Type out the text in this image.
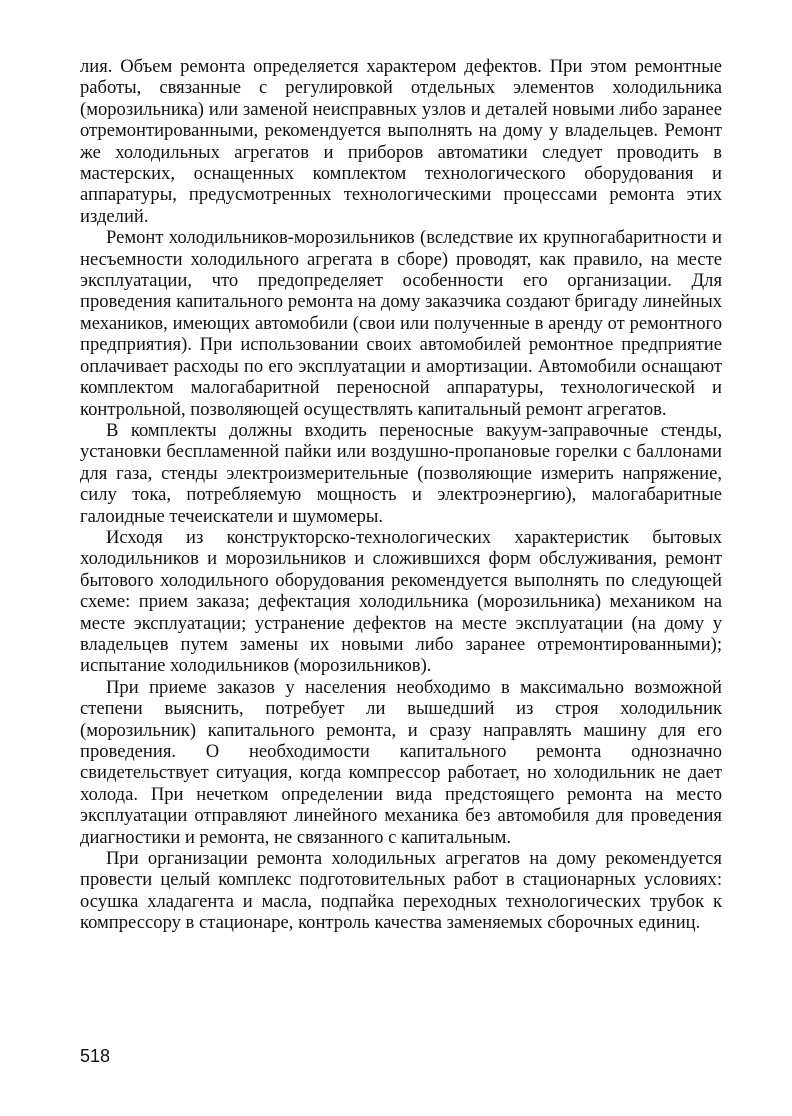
лия. Объем ремонта определяется характером дефектов. При этом ремонтные работы, связанные с регулировкой отдельных элементов холодильника (морозильника) или заменой неисправных узлов и деталей новыми либо заранее отремонтированными, рекомендуется выполнять на дому у владельцев. Ремонт же холодильных агрегатов и приборов автоматики следует проводить в мастерских, оснащенных комплектом технологического оборудования и аппаратуры, предусмотренных технологическими процессами ремонта этих изделий.

Ремонт холодильников-морозильников (вследствие их крупногабаритности и несъемности холодильного агрегата в сборе) проводят, как правило, на месте эксплуатации, что предопределяет особенности его организации. Для проведения капитального ремонта на дому заказчика создают бригаду линейных механиков, имеющих автомобили (свои или полученные в аренду от ремонтного предприятия). При использовании своих автомобилей ремонтное предприятие оплачивает расходы по его эксплуатации и амортизации. Автомобили оснащают комплектом малогабаритной переносной аппаратуры, технологической и контрольной, позволяющей осуществлять капитальный ремонт агрегатов.

В комплекты должны входить переносные вакуум-заправочные стенды, установки беспламенной пайки или воздушно-пропановые горелки с баллонами для газа, стенды электроизмерительные (позволяющие измерить напряжение, силу тока, потребляемую мощность и электроэнергию), малогабаритные галоидные течеискатели и шумомеры.

Исходя из конструкторско-технологических характеристик бытовых холодильников и морозильников и сложившихся форм обслуживания, ремонт бытового холодильного оборудования рекомендуется выполнять по следующей схеме: прием заказа; дефектация холодильника (морозильника) механиком на месте эксплуатации; устранение дефектов на месте эксплуатации (на дому у владельцев путем замены их новыми либо заранее отремонтированными); испытание холодильников (морозильников).

При приеме заказов у населения необходимо в максимально возможной степени выяснить, потребует ли вышедший из строя холодильник (морозильник) капитального ремонта, и сразу направлять машину для его проведения. О необходимости капитального ремонта однозначно свидетельствует ситуация, когда компрессор работает, но холодильник не дает холода. При нечетком определении вида предстоящего ремонта на место эксплуатации отправляют линейного механика без автомобиля для проведения диагностики и ремонта, не связанного с капитальным.

При организации ремонта холодильных агрегатов на дому рекомендуется провести целый комплекс подготовительных работ в стационарных условиях: осушка хладагента и масла, подпайка переходных технологических трубок к компрессору в стационаре, контроль качества заменяемых сборочных единиц.

518
